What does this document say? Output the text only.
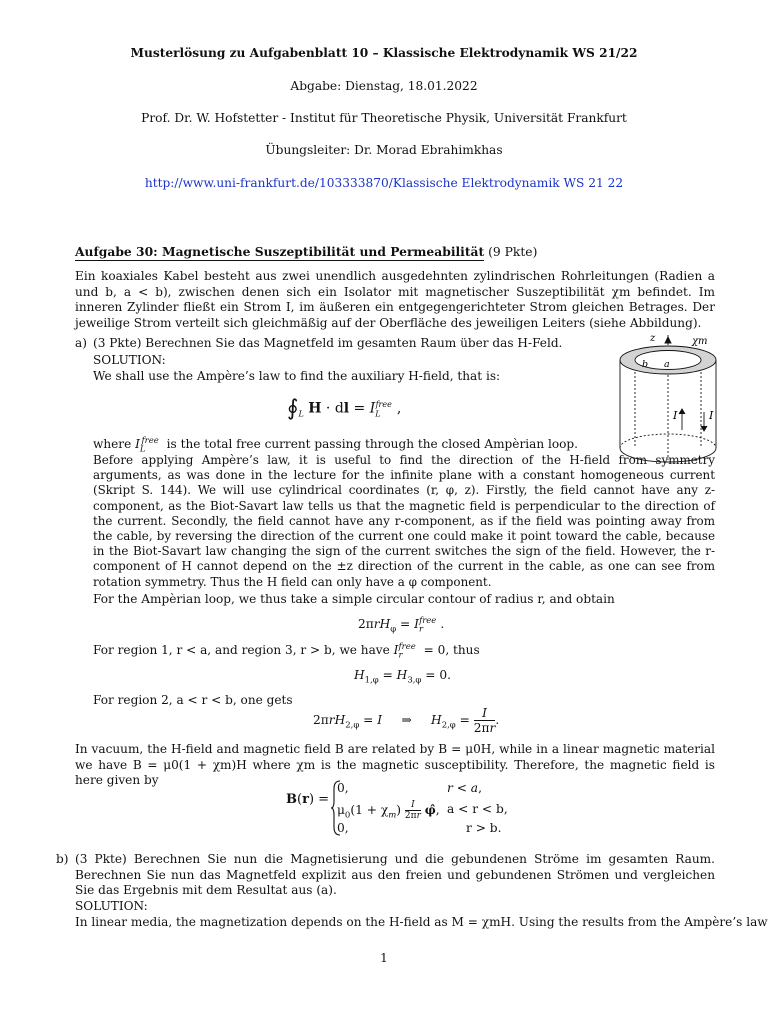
Musterlösung zu Aufgabenblatt 10 – Klassische Elektrodynamik WS 21/22
Abgabe: Dienstag, 18.01.2022
Prof. Dr. W. Hofstetter - Institut für Theoretische Physik, Universität Frankfurt
Übungsleiter: Dr. Morad Ebrahimkhas
http://www.uni-frankfurt.de/103333870/Klassische Elektrodynamik WS 21 22
Aufgabe 30: Magnetische Suszeptibilität und Permeabilität (9 Pkte)

Ein koaxiales Kabel besteht aus zwei unendlich ausgedehnten zylindrischen Rohrleitungen (Radien a und b, a < b), zwischen denen sich ein Isolator mit magnetischer Suszeptibilität χm befindet. Im inneren Zylinder fließt ein Strom I, im äußeren ein entgegengerichteter Strom gleichen Betrages. Der jeweilige Strom verteilt sich gleichmäßig auf der Oberfläche des jeweiligen Leiters (siehe Abbildung).

z	χm
b a
I	I
a) (3 Pkte) Berechnen Sie das Magnetfeld im gesamten Raum über das H-Feld.
SOLUTION:
We shall use the Ampère’s law to find the auxiliary H-field, that is:
$∮_L$ H · dl = $I_L^{free}$ ,
where $I_L^{free}$ is the total free current passing through the closed Ampèrian loop.

Before applying Ampère’s law, it is useful to find the direction of the H-field from symmetry arguments, as was done in the lecture for the infinite plane with a constant homogeneous current (Skript S. 144). We will use cylindrical coordinates (r, φ, z). Firstly, the field cannot have any z-component, as the Biot-Savart law tells us that the magnetic field is perpendicular to the direction of the current. Secondly, the field cannot have any r-component, as if the field was pointing away from the cable, by reversing the direction of the current one could make it point toward the cable, because in the Biot-Savart law changing the sign of the current switches the sign of the field. However, the r-component of H cannot depend on the ±z direction of the current in the cable, as one can see from rotation symmetry. Thus the H field can only have a φ component.

For the Ampèrian loop, we thus take a simple circular contour of radius r, and obtain
$2\pi rH_\varphi = I_r^{free}$ .
For region 1, r < a, and region 3, r > b, we have $I_r^{free} = 0$, thus
$H_{1,\varphi} = H_{3,\varphi} = 0$.
For region 2, a < r < b, one gets
2πrH$_{2,\varphi}$ = I     ⇒     $H_{2,\varphi} = \frac{I}{2\pi r}$ .

In vacuum, the H-field and magnetic field B are related by B = μ0H, while in a linear magnetic material we have B = μ0(1 + χm)H where χm is the magnetic susceptibility. Therefore, the magnetic field is here given by

B(r) =
0,	r < a,
$\mu_0(1 + \chi_m) \frac{I}{2\pi r}$ φ̂, a < r < b,
0,	r > b.
b) (3 Pkte) Berechnen Sie nun die Magnetisierung und die gebundenen Ströme im gesamten Raum. Berechnen Sie nun das Magnetfeld explizit aus den freien und gebundenen Strömen und vergleichen Sie das Ergebnis mit dem Resultat aus (a).

SOLUTION:
In linear media, the magnetization depends on the H-field as M = χmH. Using the results from the Ampère’s law
1
